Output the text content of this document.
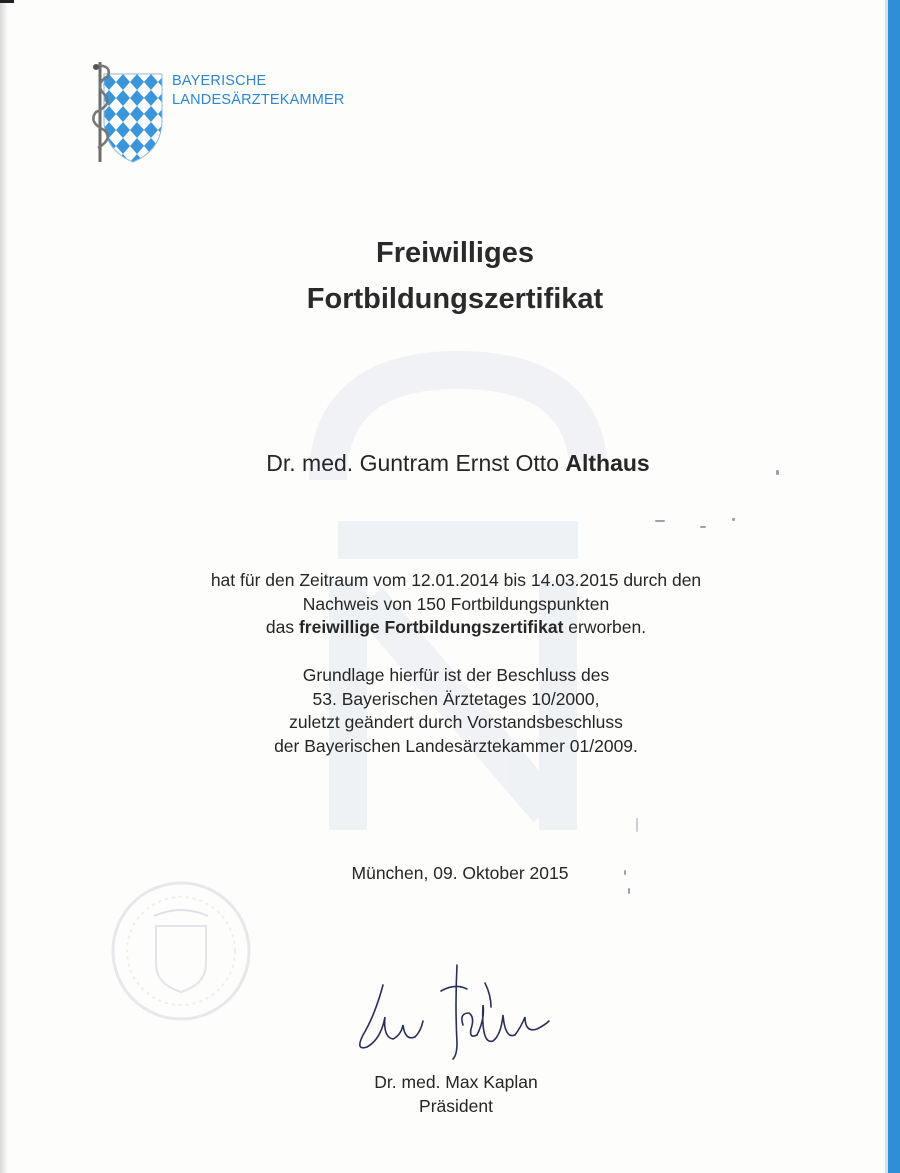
BAYERISCHE
LANDESÄRZTEKAMMER
Freiwilliges
Fortbildungszertifikat
Dr. med. Guntram Ernst Otto Althaus
hat für den Zeitraum vom 12.01.2014 bis 14.03.2015 durch den
Nachweis von 150 Fortbildungspunkten
das freiwillige Fortbildungszertifikat erworben.
Grundlage hierfür ist der Beschluss des
53. Bayerischen Ärztetages 10/2000,
zuletzt geändert durch Vorstandsbeschluss
der Bayerischen Landesärztekammer 01/2009.
München, 09. Oktober 2015
Dr. med. Max Kaplan
Präsident
